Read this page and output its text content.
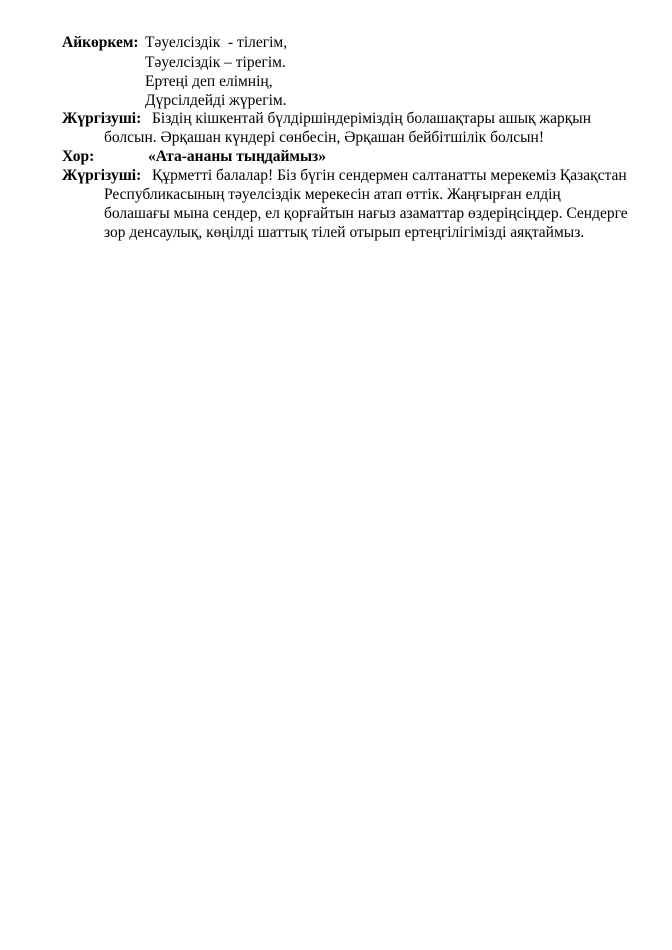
Айкөркем: Тәуелсіздік  - тілегім,
Тәуелсіздік – тірегім.
Ертеңі деп елімнің,
Дүрсілдейді жүрегім.
Жүргізуші: Біздің кішкентай бүлдіршіндеріміздің болашақтары ашық жарқын
болсын. Әрқашан күндері сөнбесін, Әрқашан бейбітшілік болсын!
Хор:	«Ата-ананы тыңдаймыз»
Жүргізуші: Құрметті балалар! Біз бүгін сендермен салтанатты мерекеміз Қазақстан
Республикасының тәуелсіздік мерекесін атап өттік. Жаңғырған елдің
болашағы мына сендер, ел қорғайтын нағыз азаматтар өздеріңсіңдер. Сендерге
зор денсаулық, көңілді шаттық тілей отырып ертеңгілігімізді аяқтаймыз.
